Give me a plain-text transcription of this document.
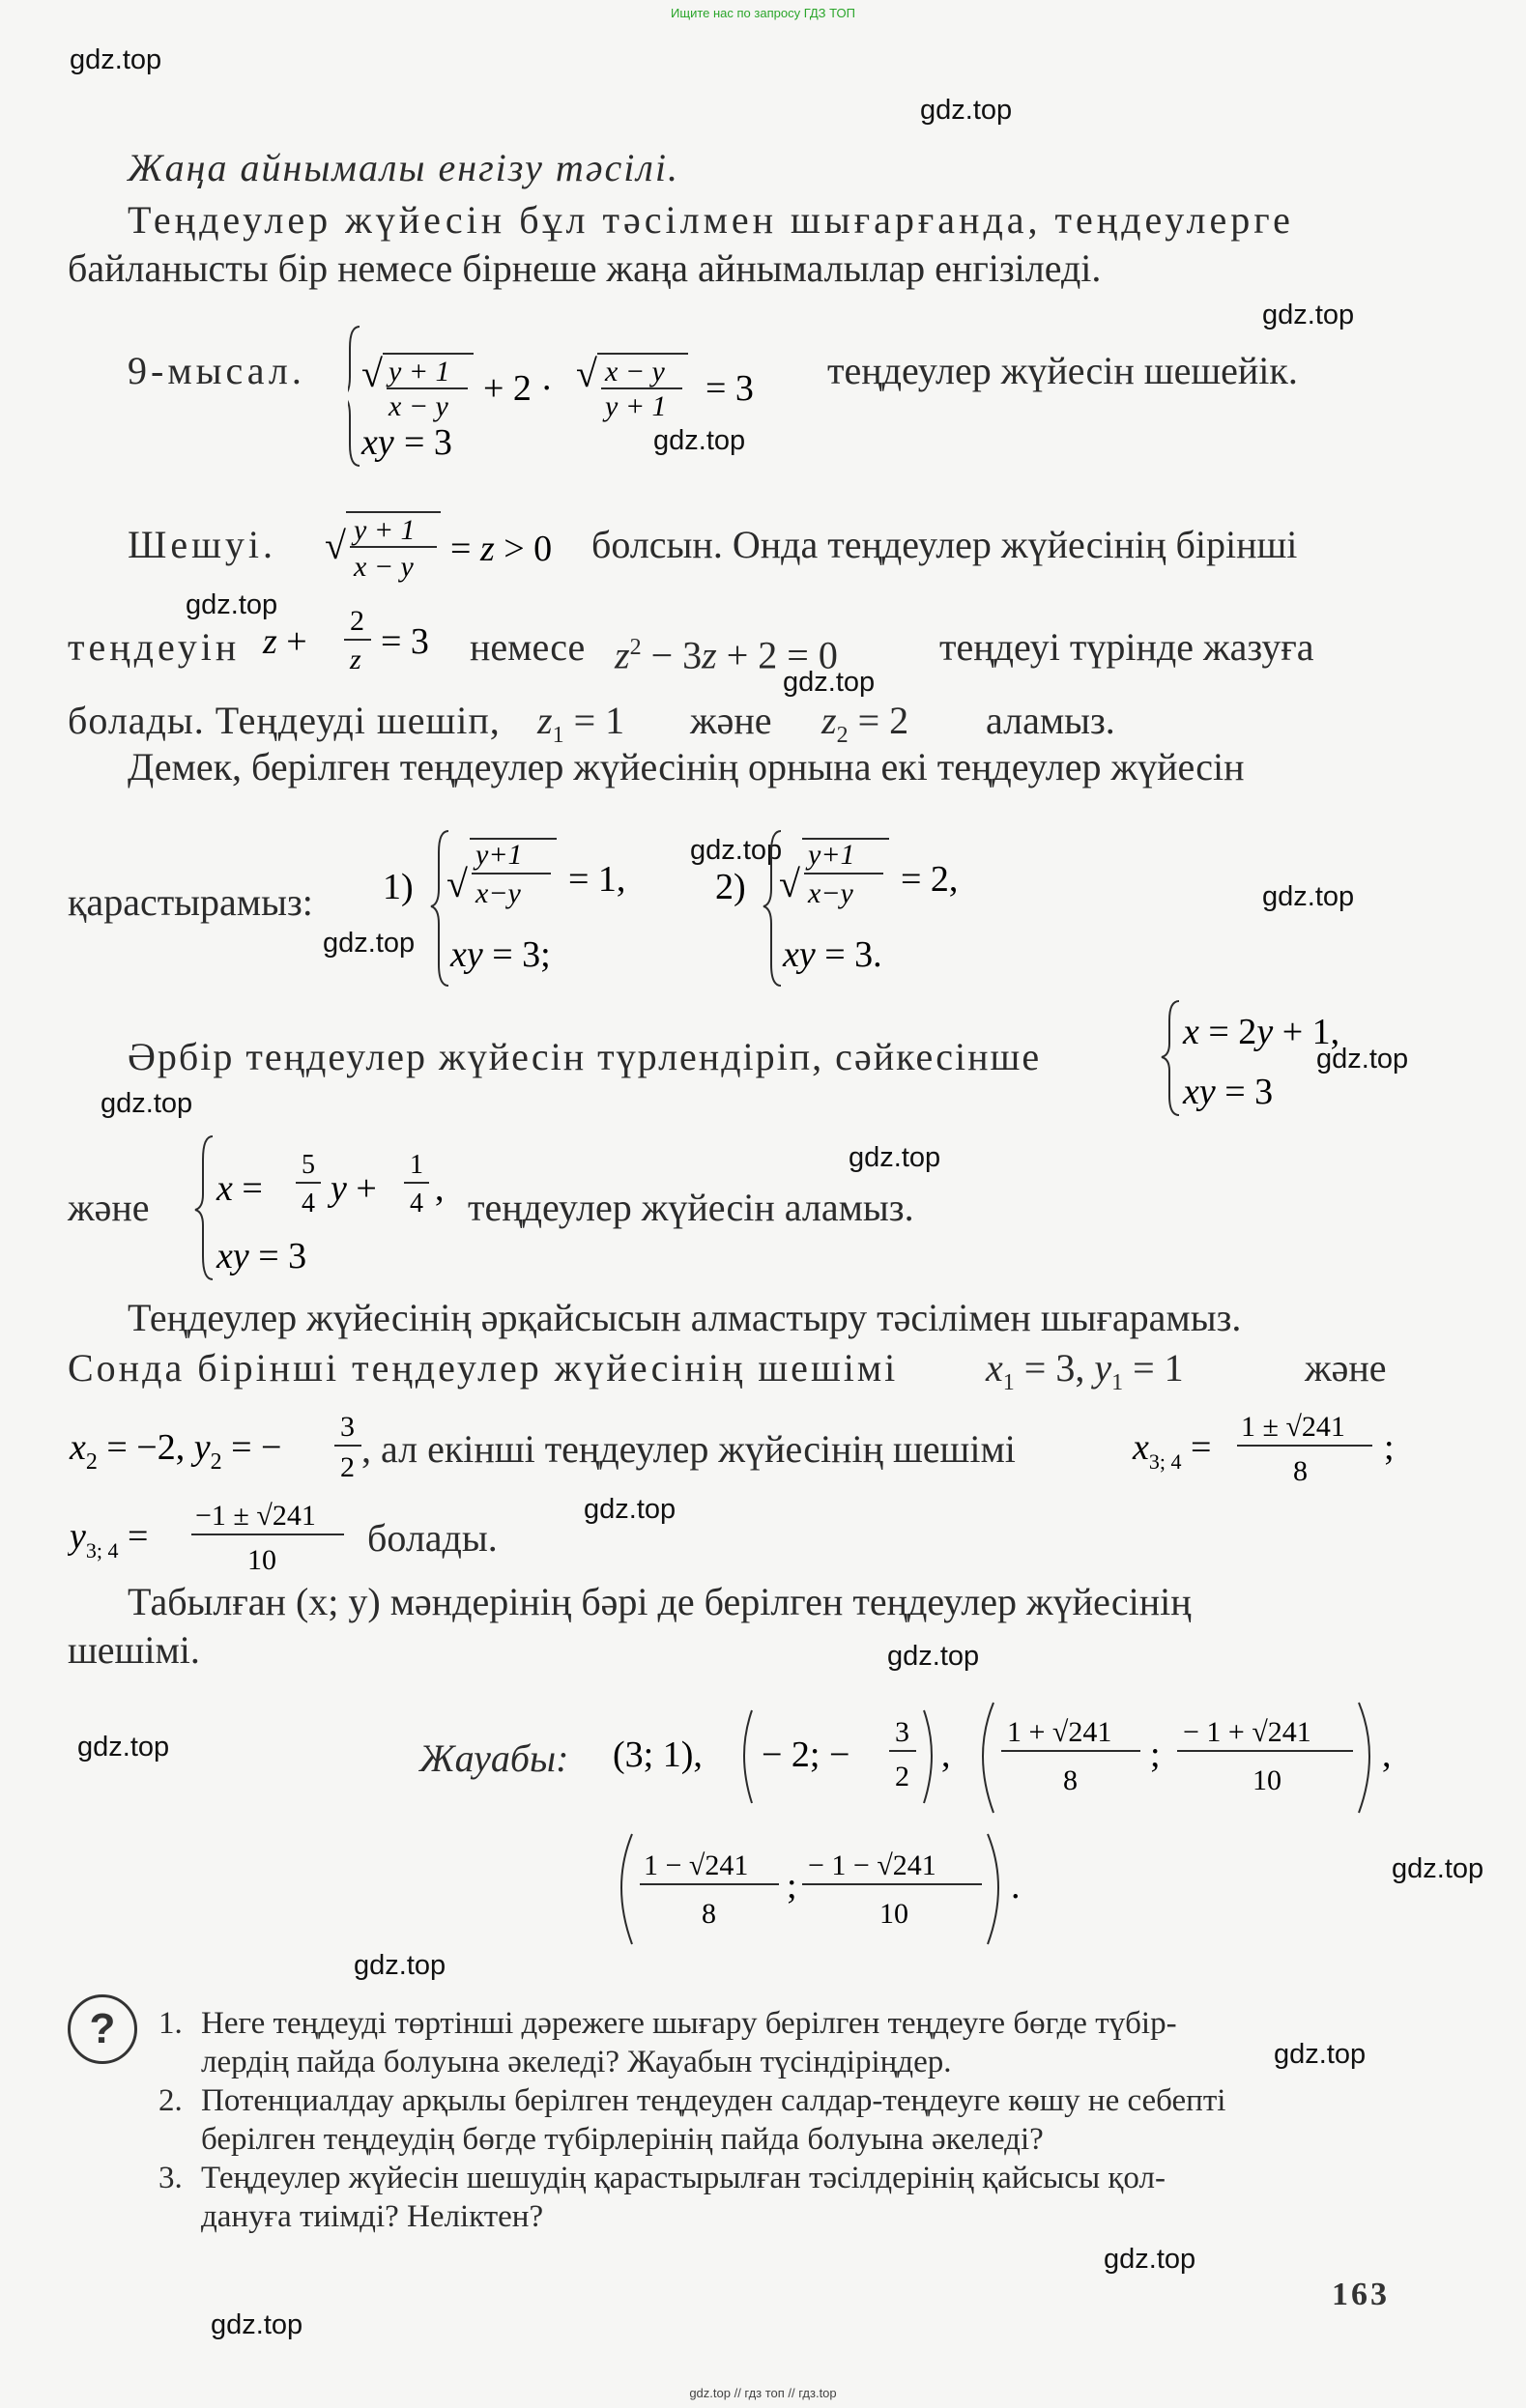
Ищите нас по запросу ГДЗ ТОП
gdz.top
gdz.top
gdz.top
gdz.top
gdz.top
gdz.top
gdz.top
gdz.top
gdz.top
gdz.top
gdz.top
gdz.top
gdz.top
gdz.top
gdz.top
gdz.top
gdz.top
gdz.top
gdz.top
gdz.top
Жаңа айнымалы енгізу тәсілі.
Теңдеулер жүйесін бұл тәсілмен шығарғанда, теңдеулерге
байланысты бір немесе бірнеше жаңа айнымалылар енгізіледі.
9-мысал. √ y + 1
x − y + 2 · √ x − y
y + 1 = 3
xy = 3
теңдеулер жүйесін шешейік.
Шешуі. √ y + 1
x − y = z > 0 болсын. Онда теңдеулер жүйесінің бірінші
теңдеуін z +
2
z = 3 немесе $z^2 - 3z + 2 = 0$	теңдеуі түрінде жазуға
болады. Теңдеуді шешіп, $z_1 = 1$ және $z_2 = 2$ аламыз.
Демек, берілген теңдеулер жүйесінің орнына екі теңдеулер жүйесін
қарастырамыз: 1) √
y+1
x−y = 1,
xy = 3;
2) √
y+1
x−y = 2,
xy = 3.
Әрбір теңдеулер жүйесін түрлендіріп, сәйкесінше
x = 2y + 1,
xy = 3
және x =
5
4 y +
1
4 ,
xy = 3
теңдеулер жүйесін аламыз.
Теңдеулер жүйесінің әрқайсысын алмастыру тәсілімен шығарамыз.
Сонда бірінші теңдеулер жүйесінің шешімі $x_1 = 3$, $y_1 = 1$	және
$x_2 = -2$, $y_2$ = −
3
2 , ал екінші теңдеулер жүйесінің шешімі	$x_{3; 4}$ =
1 ± √241
8
;
$y_{3; 4}$ =
−1 ± √241
10
болады.
Табылған (x; y) мәндерінің бәрі де берілген теңдеулер жүйесінің
шешімі.
Жауабы: (3; 1), − 2; −
3
2
,
1 + √241
8
;
− 1 + √241
10
,
1 − √241
8
;
− 1 − √241
10
.
?	1. Неге теңдеуді төртінші дәрежеге шығару берілген теңдеуге бөгде түбір-
лердің пайда болуына әкеледі? Жауабын түсіндіріңдер.
2. Потенциалдау арқылы берілген теңдеуден салдар-теңдеуге көшу не себепті
берілген теңдеудің бөгде түбірлерінің пайда болуына әкеледі?
3. Теңдеулер жүйесін шешудің қарастырылған тәсілдерінің қайсысы қол-
дануға тиімді? Неліктен?
163
gdz.top // гдз топ // гдз.top
